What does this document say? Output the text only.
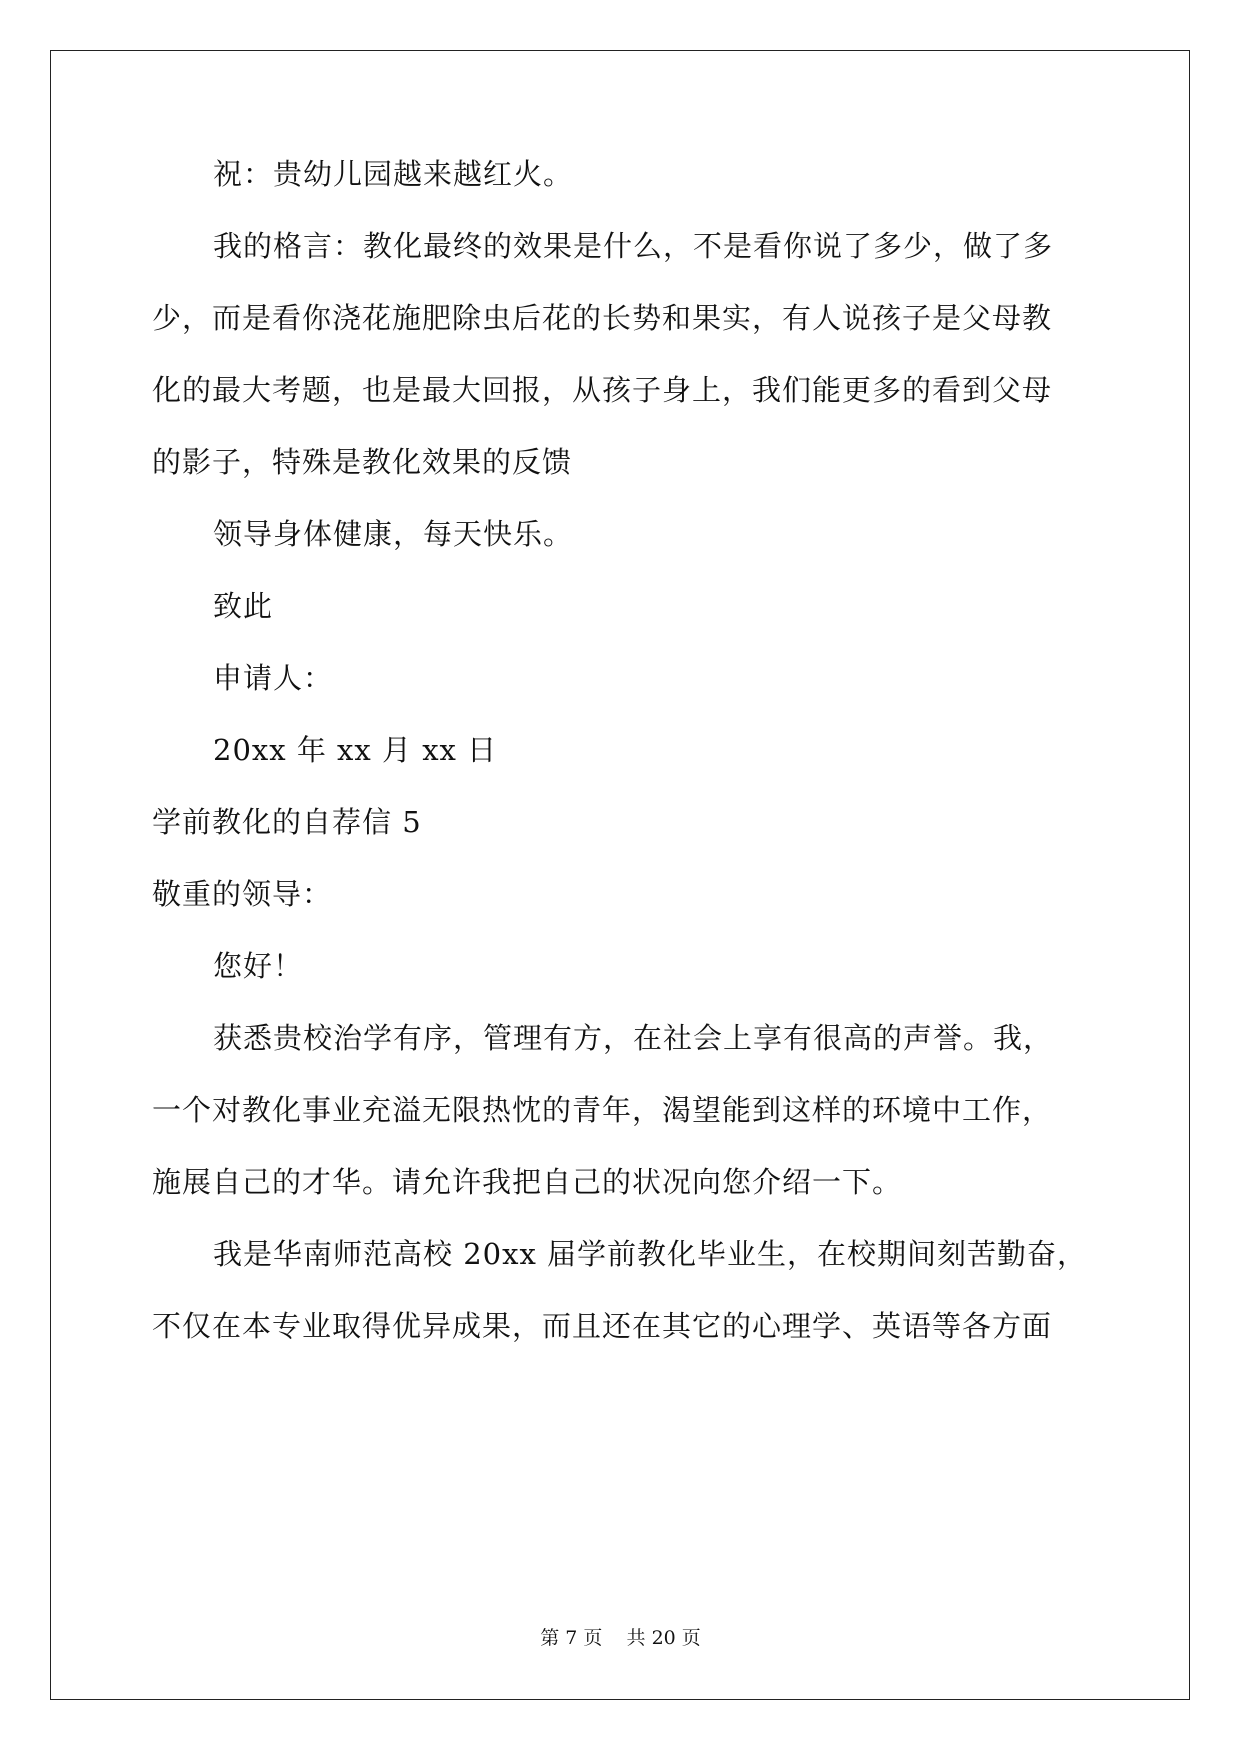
祝：贵幼儿园越来越红火。
我的格言：教化最终的效果是什么，不是看你说了多少，做了多
少，而是看你浇花施肥除虫后花的长势和果实，有人说孩子是父母教
化的最大考题，也是最大回报，从孩子身上，我们能更多的看到父母
的影子，特殊是教化效果的反馈
领导身体健康，每天快乐。
致此
申请人：
20xx 年 xx 月 xx 日
学前教化的自荐信 5
敬重的领导：
您好！
获悉贵校治学有序，管理有方，在社会上享有很高的声誉。我，
一个对教化事业充溢无限热忱的青年，渴望能到这样的环境中工作，
施展自己的才华。请允许我把自己的状况向您介绍一下。
我是华南师范高校 20xx 届学前教化毕业生，在校期间刻苦勤奋，
不仅在本专业取得优异成果，而且还在其它的心理学、英语等各方面
第 7 页    共 20 页
